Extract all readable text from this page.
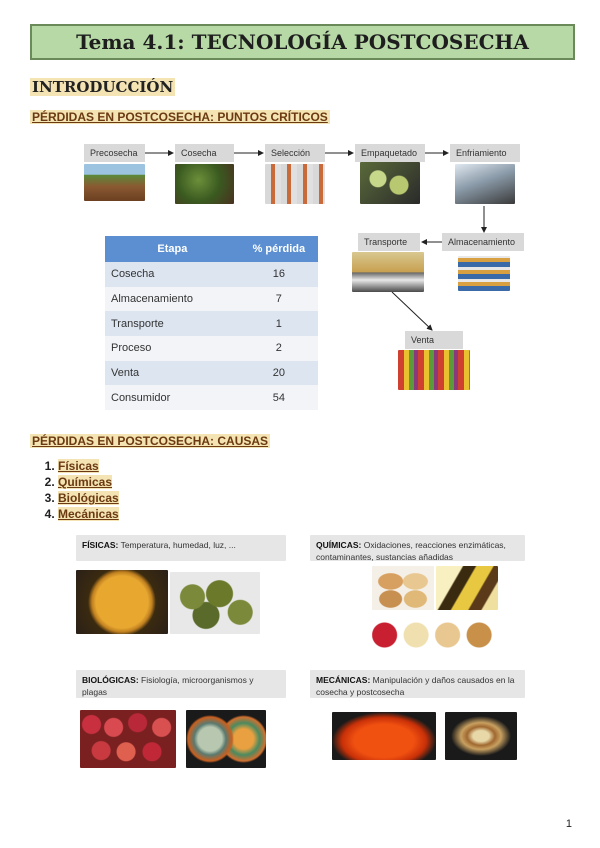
Tema 4.1: TECNOLOGÍA POSTCOSECHA
INTRODUCCIÓN
PÉRDIDAS EN POSTCOSECHA: PUNTOS CRÍTICOS
Precosecha	Cosecha	Selección	Empaquetado	Enfriamiento
Almacenamiento
Transporte
Venta
Etapa	% pérdida
Cosecha	16
Almacenamiento	7
Transporte	1
Proceso	2
Venta	20
Consumidor	54
PÉRDIDAS EN POSTCOSECHA: CAUSAS
1. Físicas
2. Químicas
3. Biológicas
4. Mecánicas
FÍSICAS: Temperatura, humedad, luz, ...	QUÍMICAS: Oxidaciones, reacciones enzimáticas, contaminantes, sustancias añadidas
BIOLÓGICAS: Fisiología, microorganismos y plagas
MECÁNICAS: Manipulación y daños causados en la cosecha y postcosecha
1
